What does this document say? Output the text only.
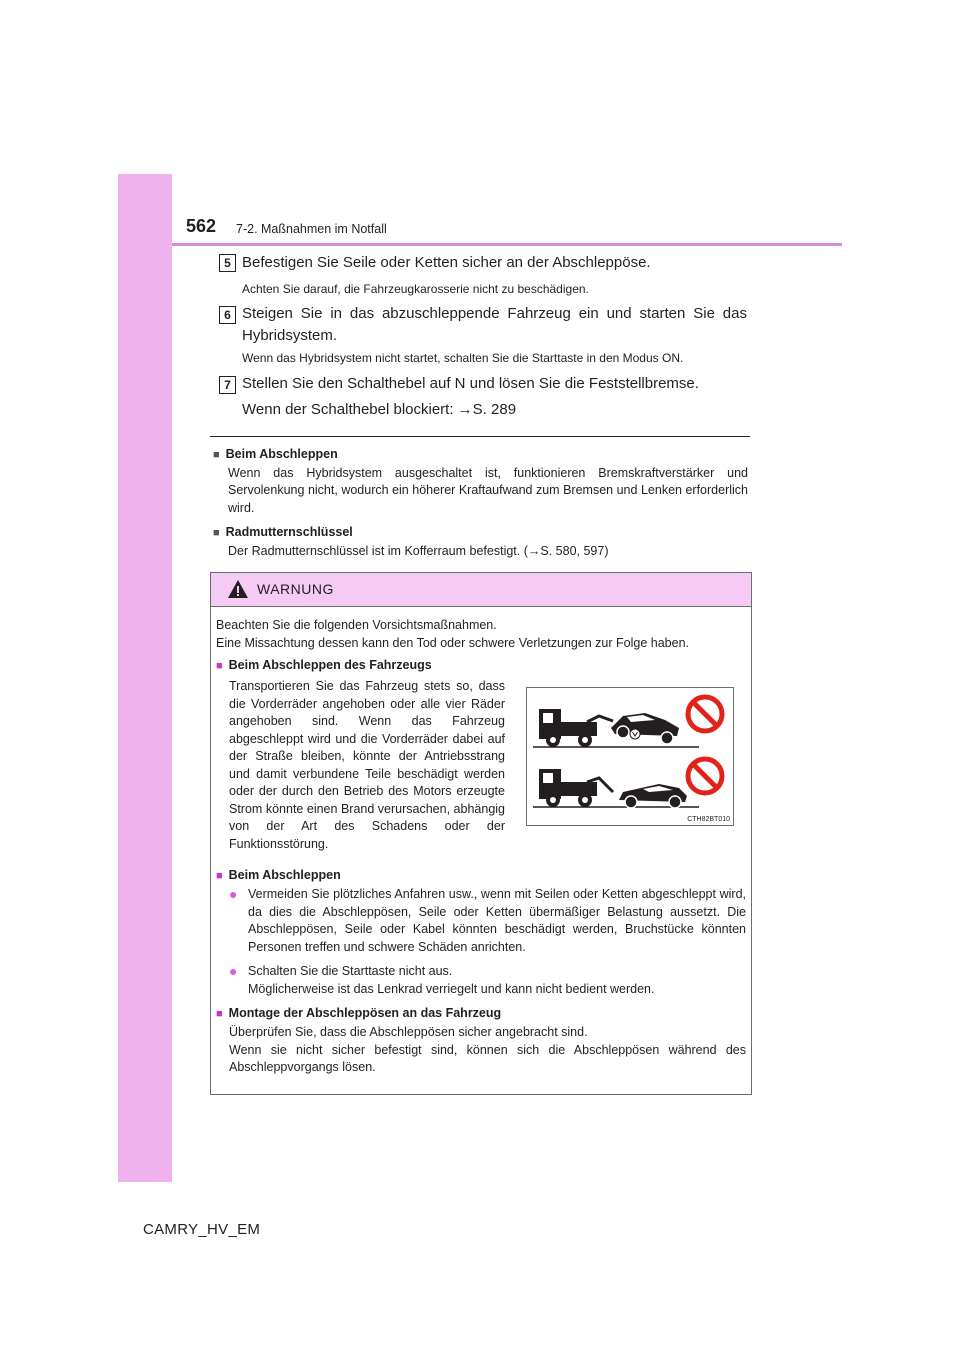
562 7-2. Maßnahmen im Notfall
5 Befestigen Sie Seile oder Ketten sicher an der Abschleppöse.
Achten Sie darauf, die Fahrzeugkarosserie nicht zu beschädigen.
6 Steigen Sie in das abzuschleppende Fahrzeug ein und starten Sie das Hybridsystem.
Wenn das Hybridsystem nicht startet, schalten Sie die Starttaste in den Modus ON.
7 Stellen Sie den Schalthebel auf N und lösen Sie die Feststellbremse.
Wenn der Schalthebel blockiert: →S. 289
■ Beim Abschleppen
Wenn das Hybridsystem ausgeschaltet ist, funktionieren Bremskraftverstärker und Servolenkung nicht, wodurch ein höherer Kraftaufwand zum Bremsen und Lenken erforderlich wird.
■ Radmutternschlüssel
Der Radmutternschlüssel ist im Kofferraum befestigt. (→S. 580, 597)
WARNUNG
Beachten Sie die folgenden Vorsichtsmaßnahmen.
Eine Missachtung dessen kann den Tod oder schwere Verletzungen zur Folge haben.
■ Beim Abschleppen des Fahrzeugs
Transportieren Sie das Fahrzeug stets so, dass die Vorderräder angehoben oder alle vier Räder angehoben sind. Wenn das Fahrzeug abgeschleppt wird und die Vorderräder dabei auf der Straße bleiben, könnte der Antriebsstrang und damit verbundene Teile beschädigt werden oder der durch den Betrieb des Motors erzeugte Strom könnte einen Brand verursachen, abhängig von der Art des Schadens oder der Funktionsstörung.
CTH82BT010
■ Beim Abschleppen
● Vermeiden Sie plötzliches Anfahren usw., wenn mit Seilen oder Ketten abgeschleppt wird, da dies die Abschleppösen, Seile oder Ketten übermäßiger Belastung aussetzt. Die Abschleppösen, Seile oder Kabel könnten beschädigt werden, Bruchstücke könnten Personen treffen und schwere Schäden anrichten.
● Schalten Sie die Starttaste nicht aus.
Möglicherweise ist das Lenkrad verriegelt und kann nicht bedient werden.
■ Montage der Abschleppösen an das Fahrzeug
Überprüfen Sie, dass die Abschleppösen sicher angebracht sind.
Wenn sie nicht sicher befestigt sind, können sich die Abschleppösen während des Abschleppvorgangs lösen.
CAMRY_HV_EM
